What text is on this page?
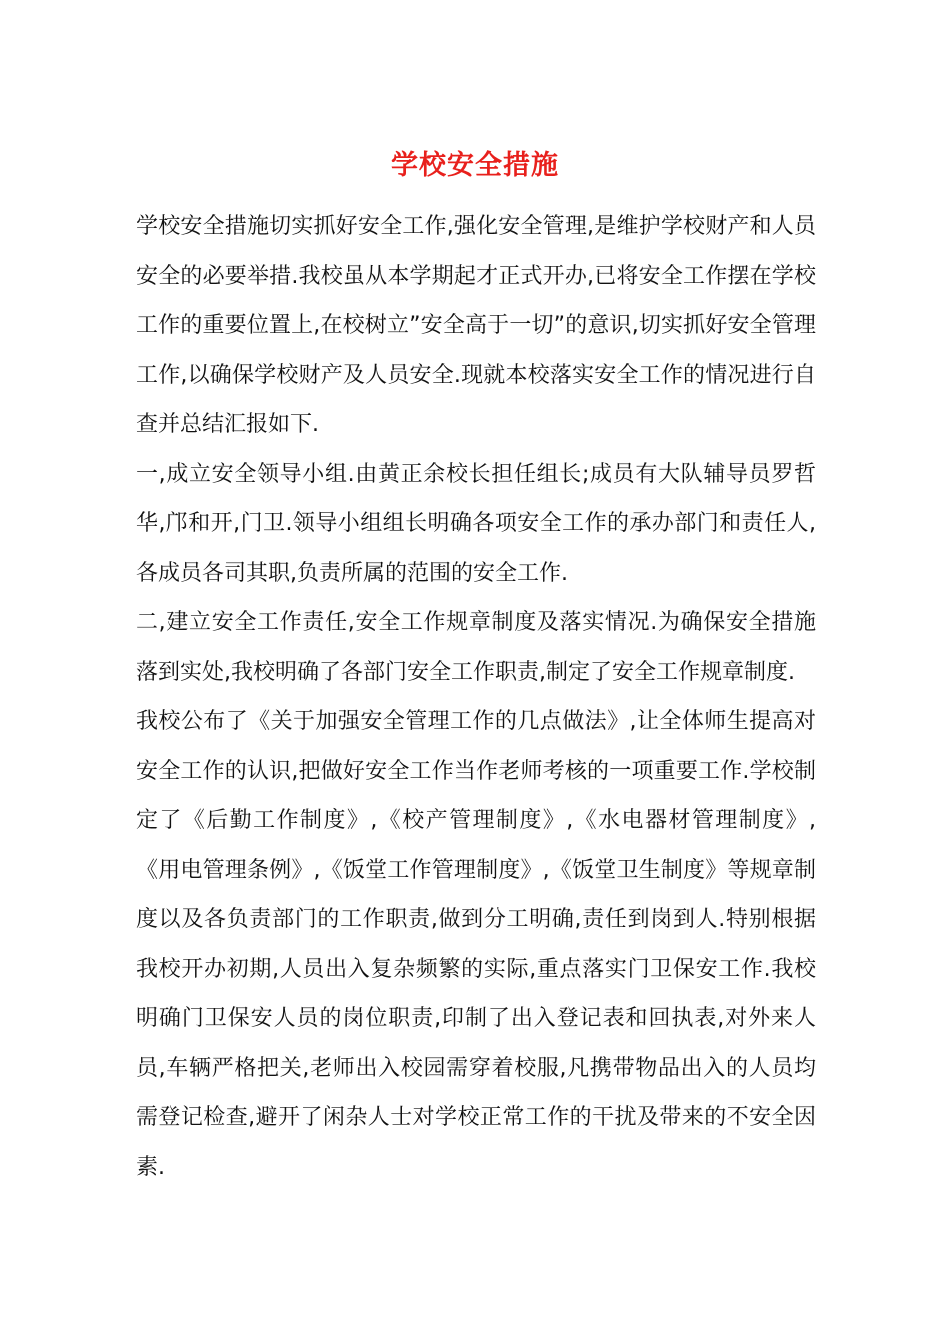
学校安全措施

学校安全措施切实抓好安全工作,强化安全管理,是维护学校财产和人员安全的必要举措.我校虽从本学期起才正式开办,已将安全工作摆在学校工作的重要位置上,在校树立”安全高于一切”的意识,切实抓好安全管理工作,以确保学校财产及人员安全.现就本校落实安全工作的情况进行自查并总结汇报如下.

一,成立安全领导小组.由黄正余校长担任组长;成员有大队辅导员罗哲华,邝和开,门卫.领导小组组长明确各项安全工作的承办部门和责任人,各成员各司其职,负责所属的范围的安全工作.

二,建立安全工作责任,安全工作规章制度及落实情况.为确保安全措施落到实处,我校明确了各部门安全工作职责,制定了安全工作规章制度.

我校公布了《关于加强安全管理工作的几点做法》,让全体师生提高对安全工作的认识,把做好安全工作当作老师考核的一项重要工作.学校制定了《后勤工作制度》,《校产管理制度》,《水电器材管理制度》,《用电管理条例》,《饭堂工作管理制度》,《饭堂卫生制度》等规章制度以及各负责部门的工作职责,做到分工明确,责任到岗到人.特别根据我校开办初期,人员出入复杂频繁的实际,重点落实门卫保安工作.我校明确门卫保安人员的岗位职责,印制了出入登记表和回执表,对外来人员,车辆严格把关,老师出入校园需穿着校服,凡携带物品出入的人员均需登记检查,避开了闲杂人士对学校正常工作的干扰及带来的不安全因素.
